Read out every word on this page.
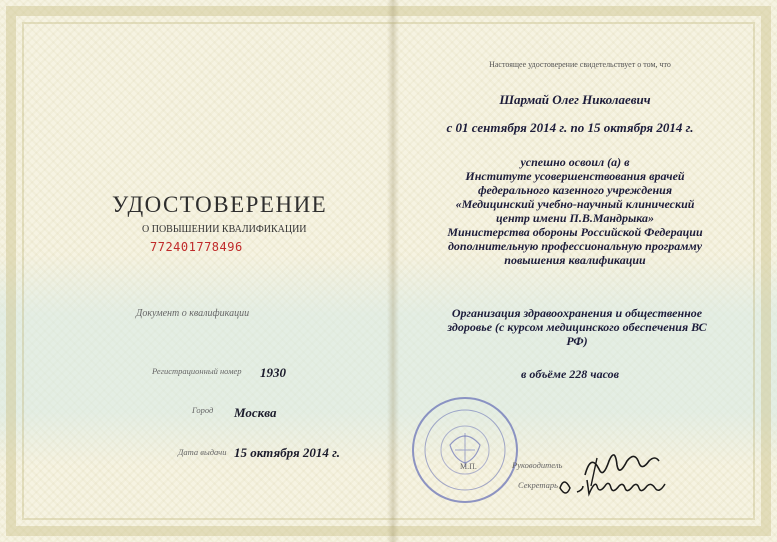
УДОСТОВЕРЕНИЕ
О ПОВЫШЕНИИ КВАЛИФИКАЦИИ
772401778496
Документ о квалификации
Регистрационный номер 1930
Город Москва
Дата выдачи 15 октября 2014 г.
Настоящее удостоверение свидетельствует о том, что
Шармай Олег Николаевич
с 01 сентября 2014 г. по 15 октября 2014 г.
успешно освоил (а) в
Институте усовершенствования врачей
федерального казенного учреждения
«Медицинский учебно-научный клинический
центр имени П.В.Мандрыка»
Министерства обороны Российской Федерации
дополнительную профессиональную программу
повышения квалификации
Организация здравоохранения и общественное
здоровье (с курсом медицинского обеспечения ВС
РФ)
в объёме 228 часов
М.П.	Руководитель
Секретарь
